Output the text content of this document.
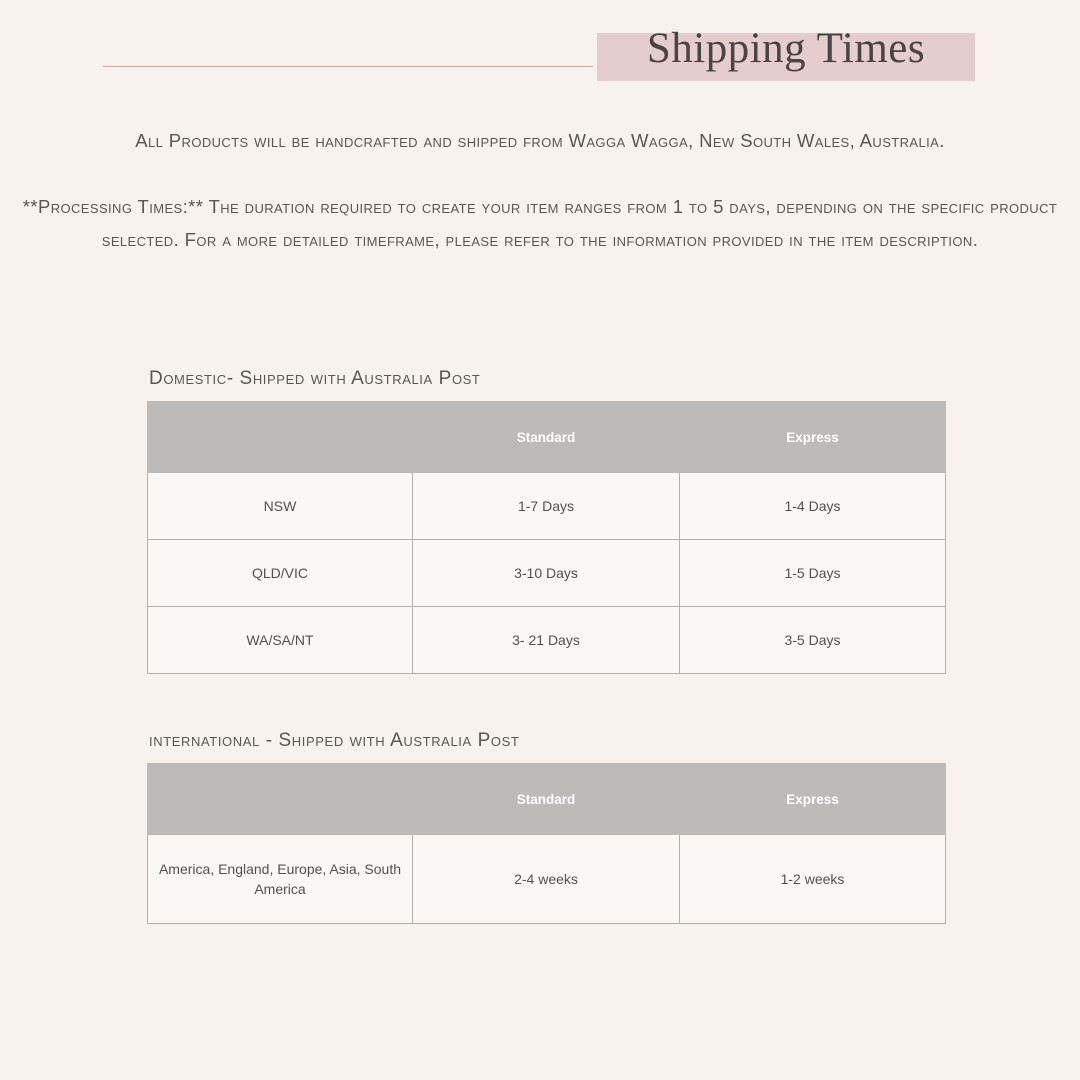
Shipping Times

All Products will be handcrafted and shipped from Wagga Wagga, New South Wales, Australia.

**Processing Times:** The duration required to create your item ranges from 1 to 5 days, depending on the specific product selected. For a more detailed timeframe, please refer to the information provided in the item description.

Domestic- Shipped with Australia Post
	Standard	Express
NSW	1-7 Days	1-4 Days
QLD/VIC	3-10 Days	1-5 Days
WA/SA/NT	3- 21 Days	3-5 Days
international - Shipped with Australia Post
	Standard	Express
America, England, Europe, Asia, South America	2-4 weeks	1-2 weeks
